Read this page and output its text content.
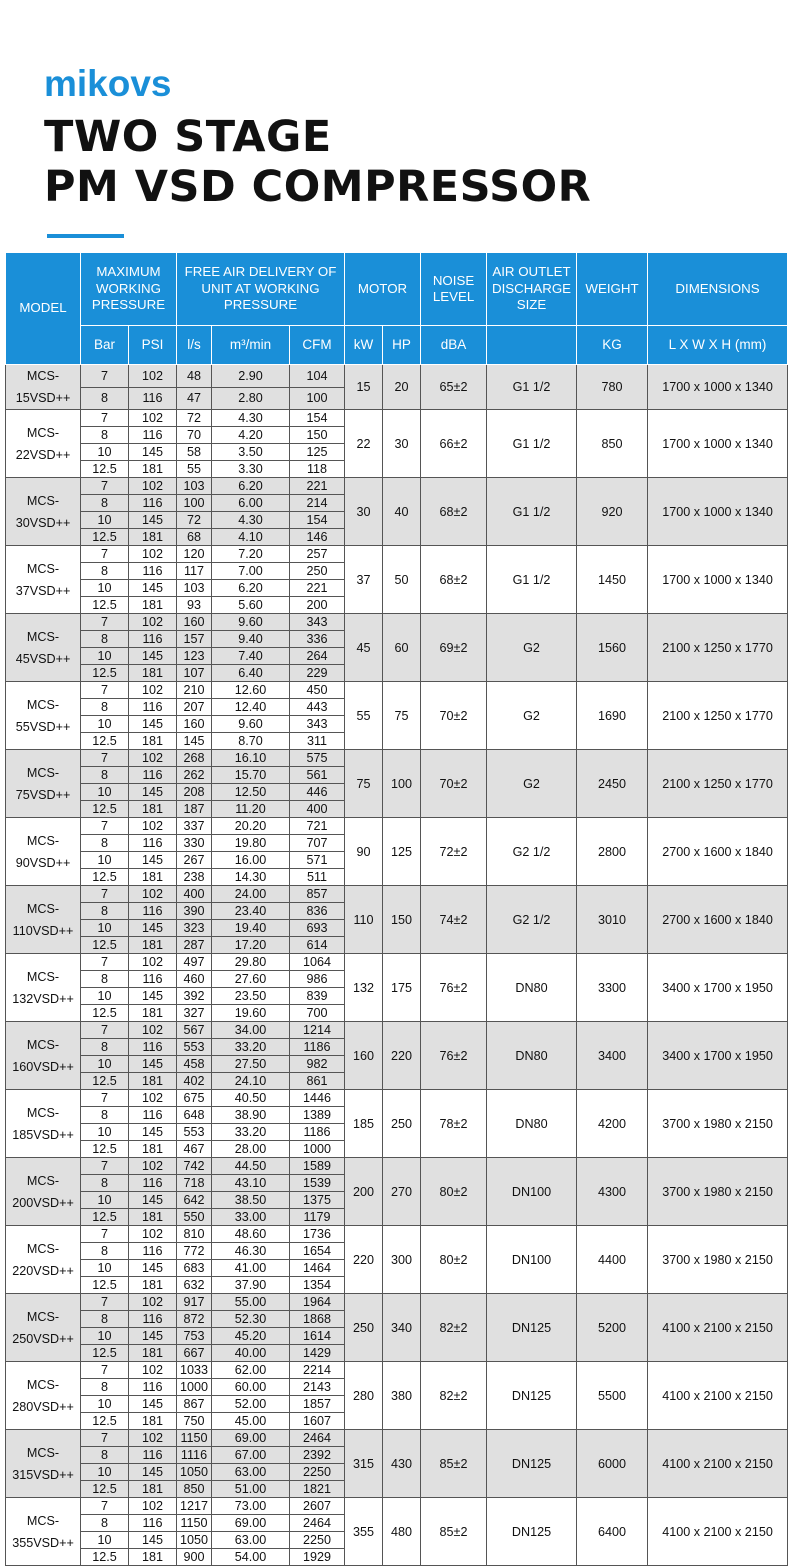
mikovs
TWO STAGE
PM VSD COMPRESSOR
MODEL	MAXIMUM WORKING PRESSURE		FREE AIR DELIVERY OF UNIT AT WORKING PRESSURE			MOTOR		NOISE LEVEL	AIR OUTLET DISCHARGE SIZE	WEIGHT	DIMENSIONS
	Bar	PSI	l/s	m³/min	CFM	kW	HP	dBA		KG	L X W X H (mm)
MCS-
15VSD++	7	102	48	2.90	104	15	20	65±2	G1 1/2	780	1700 x 1000 x 1340
	8	116	47	2.80	100						
MCS-
22VSD++	7	102	72	4.30	154	22	30	66±2	G1 1/2	850	1700 x 1000 x 1340
	8	116	70	4.20	150						
	10	145	58	3.50	125						
	12.5	181	55	3.30	118						
MCS-
30VSD++	7	102	103	6.20	221	30	40	68±2	G1 1/2	920	1700 x 1000 x 1340
	8	116	100	6.00	214						
	10	145	72	4.30	154						
	12.5	181	68	4.10	146						
MCS-
37VSD++	7	102	120	7.20	257	37	50	68±2	G1 1/2	1450	1700 x 1000 x 1340
	8	116	117	7.00	250						
	10	145	103	6.20	221						
	12.5	181	93	5.60	200						
MCS-
45VSD++	7	102	160	9.60	343	45	60	69±2	G2	1560	2100 x 1250 x 1770
	8	116	157	9.40	336						
	10	145	123	7.40	264						
	12.5	181	107	6.40	229						
MCS-
55VSD++	7	102	210	12.60	450	55	75	70±2	G2	1690	2100 x 1250 x 1770
	8	116	207	12.40	443						
	10	145	160	9.60	343						
	12.5	181	145	8.70	311						
MCS-
75VSD++	7	102	268	16.10	575	75	100	70±2	G2	2450	2100 x 1250 x 1770
	8	116	262	15.70	561						
	10	145	208	12.50	446						
	12.5	181	187	11.20	400						
MCS-
90VSD++	7	102	337	20.20	721	90	125	72±2	G2 1/2	2800	2700 x 1600 x 1840
	8	116	330	19.80	707						
	10	145	267	16.00	571						
	12.5	181	238	14.30	511						
MCS-
110VSD++	7	102	400	24.00	857	110	150	74±2	G2 1/2	3010	2700 x 1600 x 1840
	8	116	390	23.40	836						
	10	145	323	19.40	693						
	12.5	181	287	17.20	614						
MCS-
132VSD++	7	102	497	29.80	1064	132	175	76±2	DN80	3300	3400 x 1700 x 1950
	8	116	460	27.60	986						
	10	145	392	23.50	839						
	12.5	181	327	19.60	700						
MCS-
160VSD++	7	102	567	34.00	1214	160	220	76±2	DN80	3400	3400 x 1700 x 1950
	8	116	553	33.20	1186						
	10	145	458	27.50	982						
	12.5	181	402	24.10	861						
MCS-
185VSD++	7	102	675	40.50	1446	185	250	78±2	DN80	4200	3700 x 1980 x 2150
	8	116	648	38.90	1389						
	10	145	553	33.20	1186						
	12.5	181	467	28.00	1000						
MCS-
200VSD++	7	102	742	44.50	1589	200	270	80±2	DN100	4300	3700 x 1980 x 2150
	8	116	718	43.10	1539						
	10	145	642	38.50	1375						
	12.5	181	550	33.00	1179						
MCS-
220VSD++	7	102	810	48.60	1736	220	300	80±2	DN100	4400	3700 x 1980 x 2150
	8	116	772	46.30	1654						
	10	145	683	41.00	1464						
	12.5	181	632	37.90	1354						
MCS-
250VSD++	7	102	917	55.00	1964	250	340	82±2	DN125	5200	4100 x 2100 x 2150
	8	116	872	52.30	1868						
	10	145	753	45.20	1614						
	12.5	181	667	40.00	1429						
MCS-
280VSD++	7	102	1033	62.00	2214	280	380	82±2	DN125	5500	4100 x 2100 x 2150
	8	116	1000	60.00	2143						
	10	145	867	52.00	1857						
	12.5	181	750	45.00	1607						
MCS-
315VSD++	7	102	1150	69.00	2464	315	430	85±2	DN125	6000	4100 x 2100 x 2150
	8	116	1116	67.00	2392						
	10	145	1050	63.00	2250						
	12.5	181	850	51.00	1821						
MCS-
355VSD++	7	102	1217	73.00	2607	355	480	85±2	DN125	6400	4100 x 2100 x 2150
	8	116	1150	69.00	2464						
	10	145	1050	63.00	2250						
	12.5	181	900	54.00	1929						
